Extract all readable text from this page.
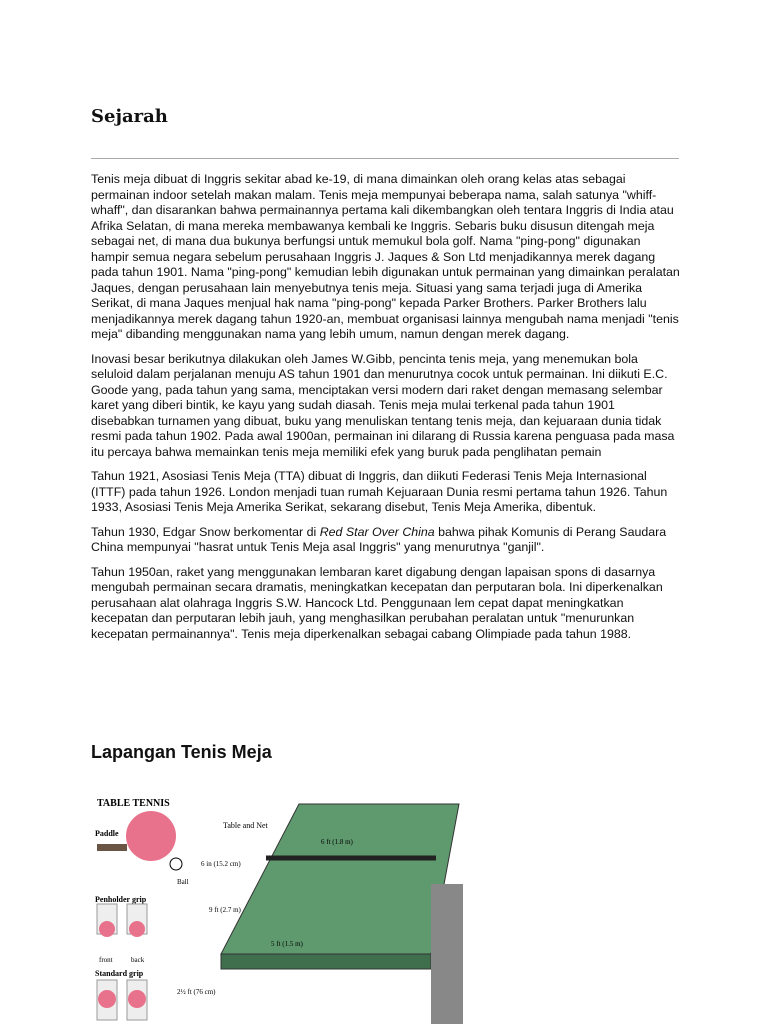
Sejarah

Tenis meja dibuat di Inggris sekitar abad ke-19, di mana dimainkan oleh orang kelas atas sebagai permainan indoor setelah makan malam. Tenis meja mempunyai beberapa nama, salah satunya "whiff-whaff", dan disarankan bahwa permainannya pertama kali dikembangkan oleh tentara Inggris di India atau Afrika Selatan, di mana mereka membawanya kembali ke Inggris. Sebaris buku disusun ditengah meja sebagai net, di mana dua bukunya berfungsi untuk memukul bola golf. Nama "ping-pong" digunakan hampir semua negara sebelum perusahaan Inggris J. Jaques & Son Ltd menjadikannya merek dagang pada tahun 1901. Nama "ping-pong" kemudian lebih digunakan untuk permainan yang dimainkan peralatan Jaques, dengan perusahaan lain menyebutnya tenis meja. Situasi yang sama terjadi juga di Amerika Serikat, di mana Jaques menjual hak nama "ping-pong" kepada Parker Brothers. Parker Brothers lalu menjadikannya merek dagang tahun 1920-an, membuat organisasi lainnya mengubah nama menjadi "tenis meja" dibanding menggunakan nama yang lebih umum, namun dengan merek dagang.

Inovasi besar berikutnya dilakukan oleh James W.Gibb, pencinta tenis meja, yang menemukan bola seluloid dalam perjalanan menuju AS tahun 1901 dan menurutnya cocok untuk permainan. Ini diikuti E.C. Goode yang, pada tahun yang sama, menciptakan versi modern dari raket dengan memasang selembar karet yang diberi bintik, ke kayu yang sudah diasah. Tenis meja mulai terkenal pada tahun 1901 disebabkan turnamen yang dibuat, buku yang menuliskan tentang tenis meja, dan kejuaraan dunia tidak resmi pada tahun 1902. Pada awal 1900an, permainan ini dilarang di Russia karena penguasa pada masa itu percaya bahwa memainkan tenis meja memiliki efek yang buruk pada penglihatan pemain

Tahun 1921, Asosiasi Tenis Meja (TTA) dibuat di Inggris, dan diikuti Federasi Tenis Meja Internasional (ITTF) pada tahun 1926. London menjadi tuan rumah Kejuaraan Dunia resmi pertama tahun 1926. Tahun 1933, Asosiasi Tenis Meja Amerika Serikat, sekarang disebut, Tenis Meja Amerika, dibentuk.

Tahun 1930, Edgar Snow berkomentar di Red Star Over China bahwa pihak Komunis di Perang Saudara China mempunyai "hasrat untuk Tenis Meja asal Inggris" yang menurutnya "ganjil".

Tahun 1950an, raket yang menggunakan lembaran karet digabung dengan lapaisan spons di dasarnya mengubah permainan secara dramatis, meningkatkan kecepatan dan perputaran bola. Ini diperkenalkan perusahaan alat olahraga Inggris S.W. Hancock Ltd. Penggunaan lem cepat dapat meningkatkan kecepatan dan perputaran lebih jauh, yang menghasilkan perubahan peralatan untuk "menurunkan kecepatan permainannya". Tenis meja diperkenalkan sebagai cabang Olimpiade pada tahun 1988.

Lapangan Tenis Meja
TABLE TENNIS
Paddle
Ball
Penholder grip
front	back
Standard grip
Table and Net
6 in (15.2 cm)
6 ft (1.8 m)
9 ft (2.7 m)
5 ft (1.5 m)
2½ ft (76 cm)
